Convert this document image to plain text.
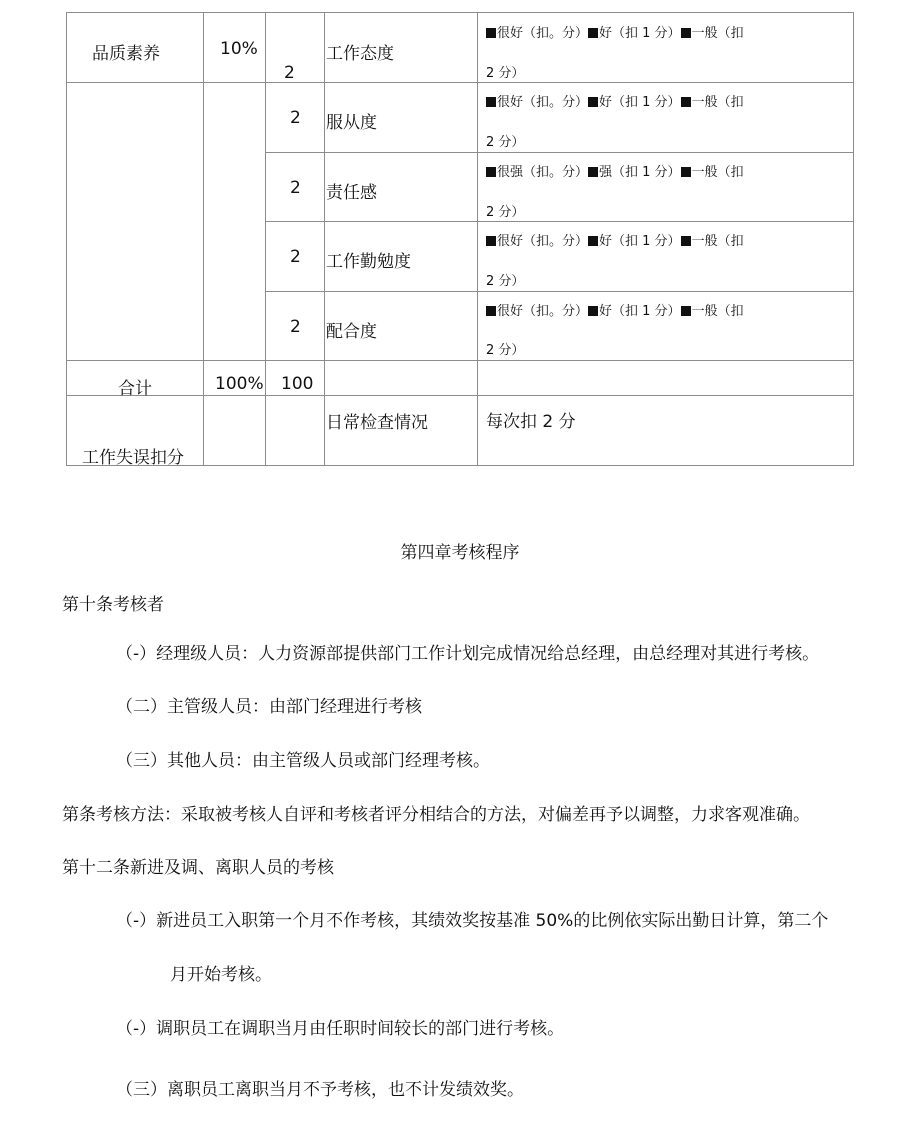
品质素养	10%	2	工作态度	很好（扣。分） 好（扣 1 分） 一般（扣
2 分）

		2	服从度	很好（扣。分） 好（扣 1 分） 一般（扣
2 分）

		2	责任感	很强（扣。分） 强（扣 1 分） 一般（扣
2 分）

		2	工作勤勉度	很好（扣。分） 好（扣 1 分） 一般（扣
2 分）

		2	配合度	很好（扣。分） 好（扣 1 分） 一般（扣
2 分）

合计	100%	100		

工作失误扣分			日常检查情况	每次扣 2 分
第四章考核程序
第十条考核者
（-）经理级人员：人力资源部提供部门工作计划完成情况给总经理，由总经理对其进行考核。
（二）主管级人员：由部门经理进行考核
（三）其他人员：由主管级人员或部门经理考核。
第条考核方法：采取被考核人自评和考核者评分相结合的方法，对偏差再予以调整，力求客观准确。
第十二条新进及调、离职人员的考核
（-）新进员工入职第一个月不作考核，其绩效奖按基准 50%的比例依实际出勤日计算，第二个
月开始考核。
（-）调职员工在调职当月由任职时间较长的部门进行考核。
（三）离职员工离职当月不予考核，也不计发绩效奖。
